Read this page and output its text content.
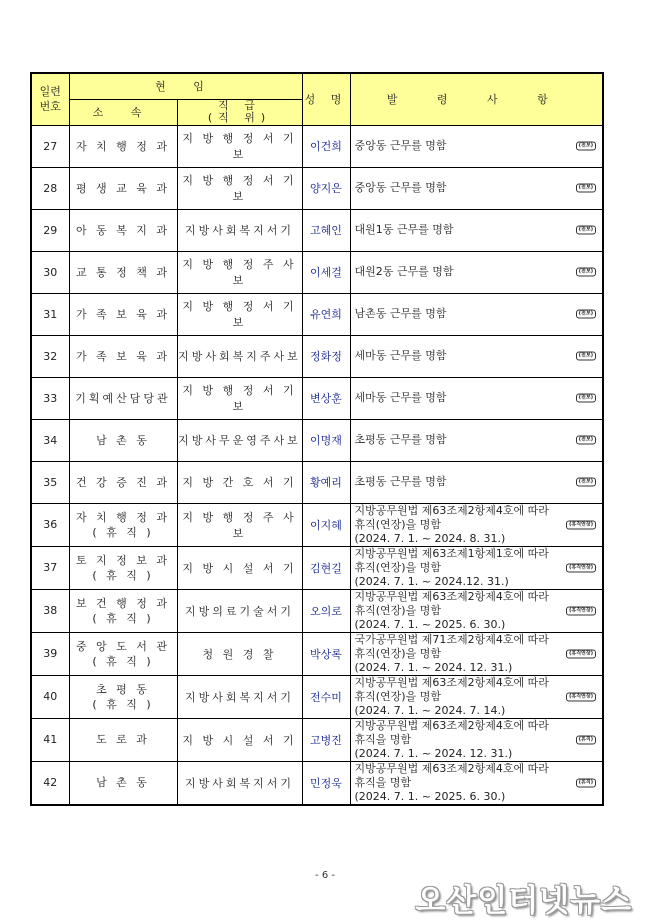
일련
번호	현 임		성 명	발 령 사 항
	소 속	직 급
(직 위)		
27	자 치 행 정 과	지 방 행 정 서 기 보	이건희	중앙동 근무를 명함 (전보)

28	평 생 교 육 과	지 방 행 정 서 기 보	양지은	중앙동 근무를 명함 (전보)

29	아 동 복 지 과	지방사회복지서기	고혜인	대원1동 근무를 명함 (전보)

30	교 통 정 책 과	지 방 행 정 주 사 보	이세걸	대원2동 근무를 명함 (전보)

31	가 족 보 육 과	지 방 행 정 서 기 보	유연희	남촌동 근무를 명함 (전보)

32	가 족 보 육 과	지방사회복지주사보	정화정	세마동 근무를 명함 (전보)

33	기획예산담당관	지 방 행 정 서 기 보	변상훈	세마동 근무를 명함 (전보)

34	남 촌 동	지방사무운영주사보	이명재	초평동 근무를 명함 (전보)

35	건 강 증 진 과	지 방 간 호 서 기	황예리	초평동 근무를 명함 (전보)

36	자 치 행 정 과
( 휴 직 )	지 방 행 정 주 사 보	이지혜	지방공무원법 제63조제2항제4호에 따라
휴직(연장)을 명함
(2024. 7. 1. ~ 2024. 8. 31.)
(휴직연장)

37	토 지 정 보 과
( 휴 직 )	지 방 시 설 서 기	김현길	지방공무원법 제63조제1항제1호에 따라
휴직(연장)을 명함
(2024. 7. 1. ~ 2024.12. 31.)
(휴직연장)

38	보 건 행 정 과
( 휴 직 )	지방의료기술서기	오의로	지방공무원법 제63조제2항제4호에 따라
휴직(연장)을 명함
(2024. 7. 1. ~ 2025. 6. 30.)
(휴직연장)

39	중 앙 도 서 관
( 휴 직 )	청 원 경 찰	박상록	국가공무원법 제71조제2항제4호에 따라
휴직(연장)을 명함
(2024. 7. 1. ~ 2024. 12. 31.)
(휴직연장)

40	초 평 동
( 휴 직 )	지방사회복지서기	전수미	지방공무원법 제63조제2항제4호에 따라
휴직(연장)을 명함
(2024. 7. 1. ~ 2024. 7. 14.)
(휴직연장)

41	도 로 과	지 방 시 설 서 기	고병진	지방공무원법 제63조제2항제4호에 따라
휴직을 명함
(2024. 7. 1. ~ 2024. 12. 31.)
(휴직)

42	남 촌 동	지방사회복지서기	민정욱	지방공무원법 제63조제2항제4호에 따라
휴직을 명함
(2024. 7. 1. ~ 2025. 6. 30.)
(휴직)
- 6 -
오산인터넷뉴스
